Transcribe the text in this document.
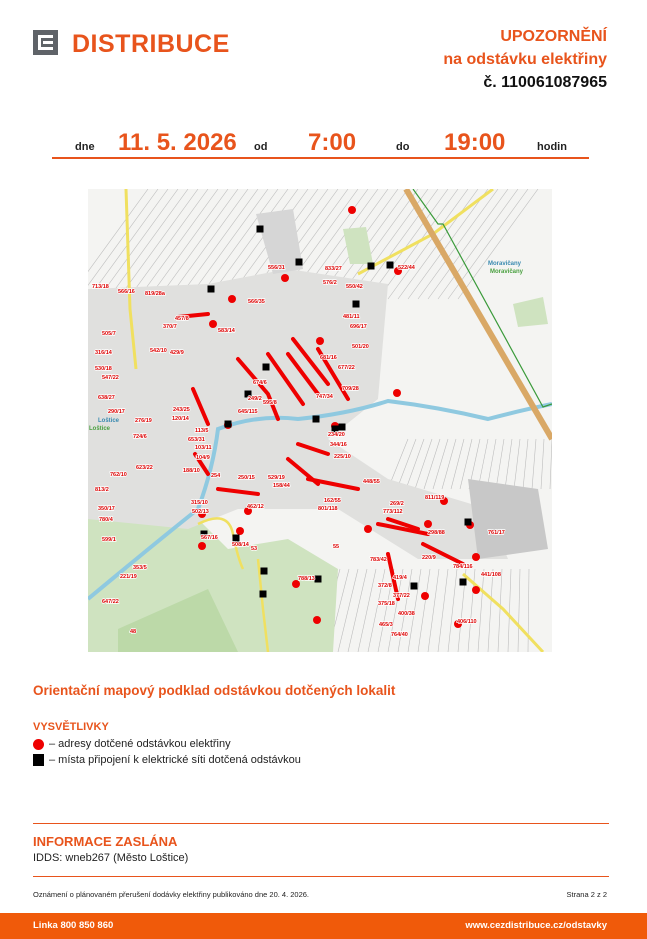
DISTRIBUCE	UPOZORNĚNÍ
na odstávku elektřiny
č. 110061087965
dne 11. 5. 2026 od 7:00	do 19:00	hodin
522/44
833/27
550/42
819/28a
713/18
566/16
457/8
370/7
505/7
316/14
530/18
547/22
638/27
290/17
276/19
724/6
623/22
762/10
813/2
350/17
780/4
599/1
353/5
221/19
647/22
48
645/115
120/14
113/5
595/8
747/34
709/28
501/20
696/17
481/11
234/20
344/16
225/10
448/55
811/119
761/17
784/116
441/108
406/110
764/40
465/3
788/13
508/14
567/16
53	55
801/118
162/55
220/9
783/42
419/4
315/10
502/13
462/12
254
556/31
576/2
566/35
583/14
429/9
542/10
681/16
677/22
674/6
249/2
243/25
653/31
103/11
104/9
188/10
250/15 529/19
158/44
269/2
773/112
298/88
375/18
377/22
400/38
372/8
Moravičany
Moravičany
Loštice
Loštice
Orientační mapový podklad odstávkou dotčených lokalit
VYSVĚTLIVKY
– adresy dotčené odstávkou elektřiny
– místa připojení k elektrické síti dotčená odstávkou
INFORMACE ZASLÁNA
IDDS: wneb267 (Město Loštice)
Oznámení o plánovaném přerušení dodávky elektřiny publikováno dne 20. 4. 2026.	Strana 2 z 2
Linka 800 850 860	www.cezdistribuce.cz/odstavky
